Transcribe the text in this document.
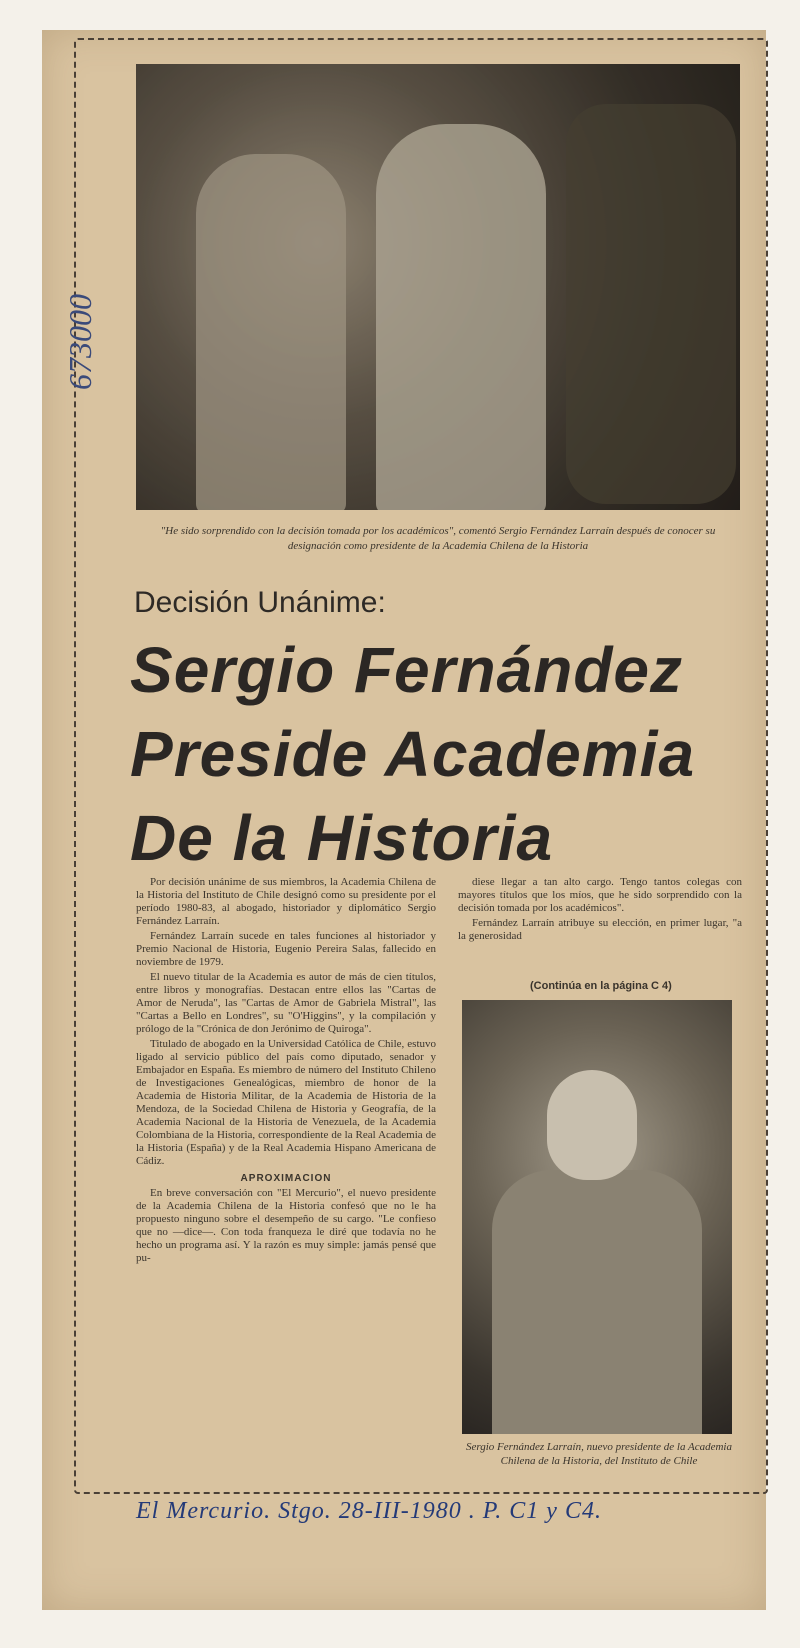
673000
"He sido sorprendido con la decisión tomada por los académicos", comentó Sergio Fernández Larraín después de conocer su designación como presidente de la Academia Chilena de la Historia
Decisión Unánime:
Sergio Fernández Preside Academia De la Historia

Por decisión unánime de sus miembros, la Academia Chilena de la Historia del Instituto de Chile designó como su presidente por el período 1980-83, al abogado, historiador y diplomático Sergio Fernández Larraín.

Fernández Larraín sucede en tales funciones al historiador y Premio Nacional de Historia, Eugenio Pereira Salas, fallecido en noviembre de 1979.

El nuevo titular de la Academia es autor de más de cien títulos, entre libros y monografías. Destacan entre ellos las "Cartas de Amor de Neruda", las "Cartas de Amor de Gabriela Mistral", las "Cartas a Bello en Londres", su "O'Higgins", y la compilación y prólogo de la "Crónica de don Jerónimo de Quiroga".

Titulado de abogado en la Universidad Católica de Chile, estuvo ligado al servicio público del país como diputado, senador y Embajador en España. Es miembro de número del Instituto Chileno de Investigaciones Genealógicas, miembro de honor de la Academia de Historia Militar, de la Academia de Historia de la Mendoza, de la Sociedad Chilena de Historia y Geografía, de la Academia Nacional de la Historia de Venezuela, de la Academia Colombiana de la Historia, correspondiente de la Real Academia de la Historia (España) y de la Real Academia Hispano Americana de Cádiz.

APROXIMACION

En breve conversación con "El Mercurio", el nuevo presidente de la Academia Chilena de la Historia confesó que no le ha propuesto ninguno sobre el desempeño de su cargo. "Le confieso que no —dice—. Con toda franqueza le diré que todavía no he hecho un programa así. Y la razón es muy simple: jamás pensé que pu-

diese llegar a tan alto cargo. Tengo tantos colegas con mayores títulos que los míos, que he sido sorprendido con la decisión tomada por los académicos".

Fernández Larraín atribuye su elección, en primer lugar, "a la generosidad

(Continúa en la página C 4)
Sergio Fernández Larraín, nuevo presidente de la Academia Chilena de la Historia, del Instituto de Chile
El Mercurio. Stgo. 28-III-1980 . P. C1 y C4.
